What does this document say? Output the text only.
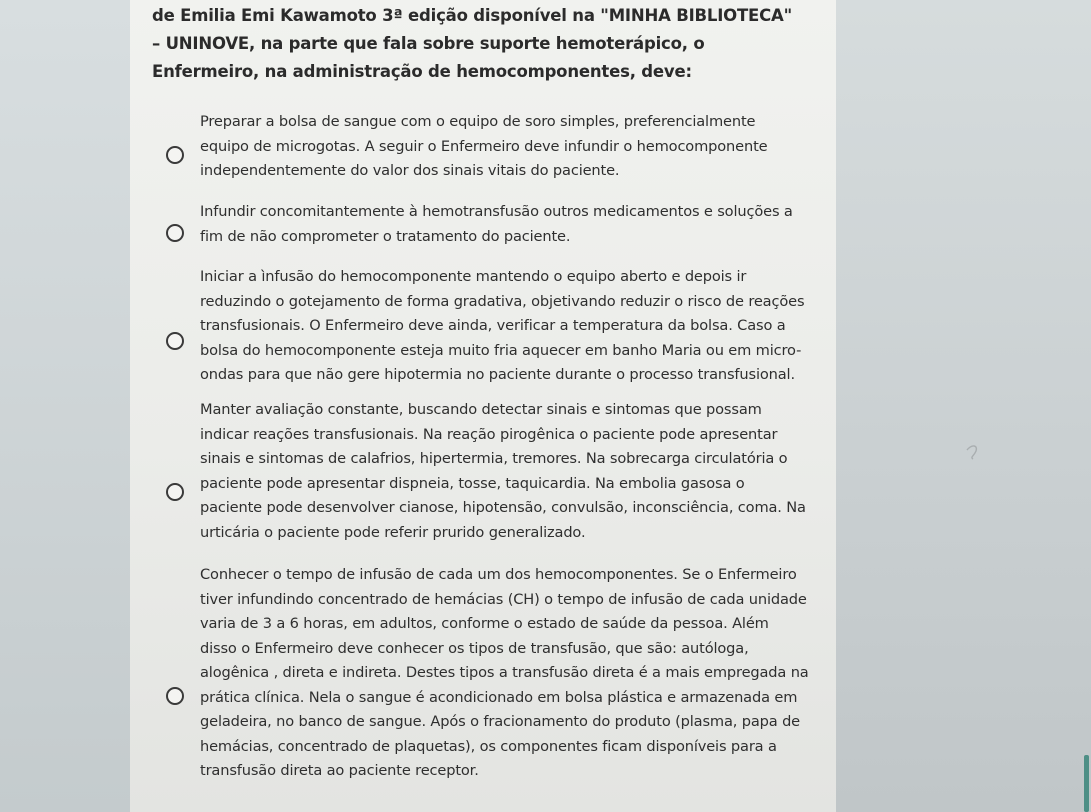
de Emilia Emi Kawamoto 3ª edição disponível na "MINHA BIBLIOTECA"
– UNINOVE, na parte que fala sobre suporte hemoterápico, o
Enfermeiro, na administração de hemocomponentes, deve:
Preparar a bolsa de sangue com o equipo de soro simples, preferencialmente
equipo de microgotas. A seguir o Enfermeiro deve infundir o hemocomponente
independentemente do valor dos sinais vitais do paciente.
Infundir concomitantemente à hemotransfusão outros medicamentos e soluções a
fim de não comprometer o tratamento do paciente.
Iniciar a ìnfusão do hemocomponente mantendo o equipo aberto e depois ir
reduzindo o gotejamento de forma gradativa, objetivando reduzir o risco de reações
transfusionais. O Enfermeiro deve ainda, verificar a temperatura da bolsa. Caso a
bolsa do hemocomponente esteja muito fria aquecer em banho Maria ou em micro-
ondas para que não gere hipotermia no paciente durante o processo transfusional.
Manter avaliação constante, buscando detectar sinais e sintomas que possam
indicar reações transfusionais. Na reação pirogênica o paciente pode apresentar
sinais e sintomas de calafrios, hipertermia, tremores. Na sobrecarga circulatória o
paciente pode apresentar dispneia, tosse, taquicardia. Na embolia gasosa o
paciente pode desenvolver cianose, hipotensão, convulsão, inconsciência, coma. Na
urticária o paciente pode referir prurido generalizado.
Conhecer o tempo de infusão de cada um dos hemocomponentes. Se o Enfermeiro
tiver infundindo concentrado de hemácias (CH) o tempo de infusão de cada unidade
varia de 3 a 6 horas, em adultos, conforme o estado de saúde da pessoa. Além
disso o Enfermeiro deve conhecer os tipos de transfusão, que são: autóloga,
alogênica , direta e indireta. Destes tipos a transfusão direta é a mais empregada na
prática clínica. Nela o sangue é acondicionado em bolsa plástica e armazenada em
geladeira, no banco de sangue. Após o fracionamento do produto (plasma, papa de
hemácias, concentrado de plaquetas), os componentes ficam disponíveis para a
transfusão direta ao paciente receptor.
